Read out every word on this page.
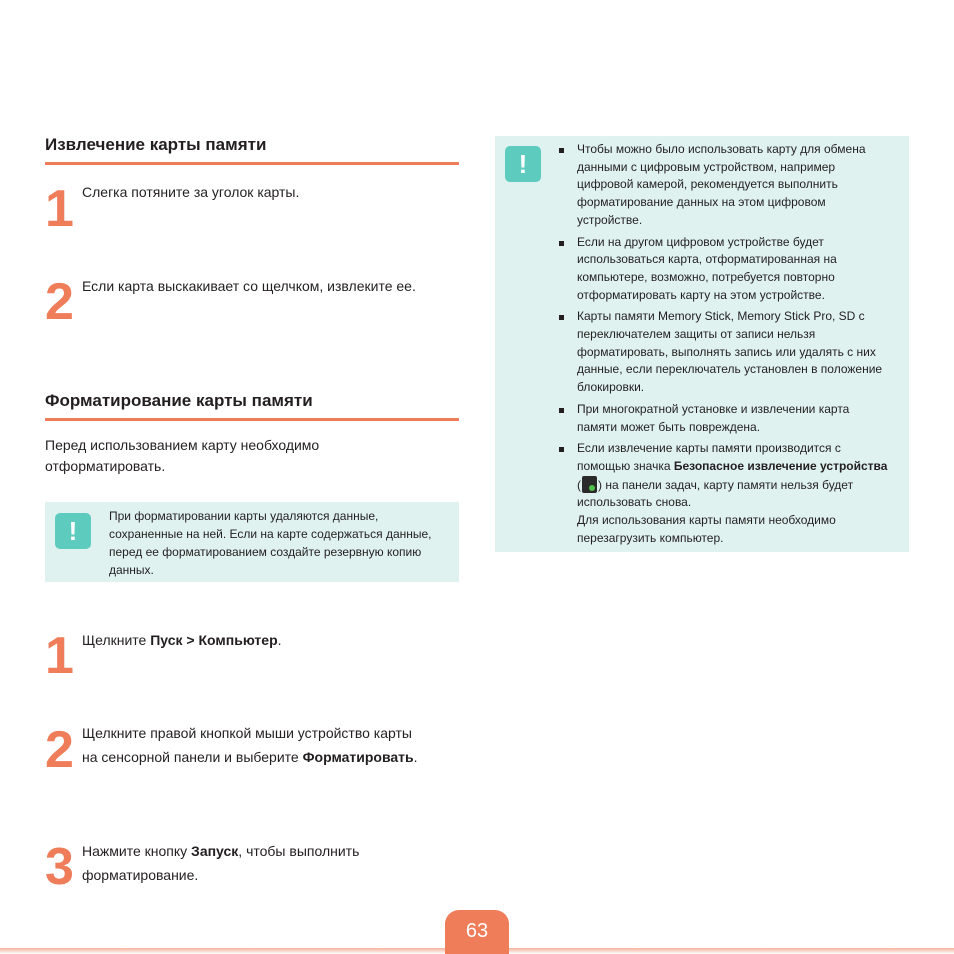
Извлечение карты памяти
1 Слегка потяните за уголок карты.
2 Если карта выскакивает со щелчком, извлеките ее.
Форматирование карты памяти
Перед использованием карту необходимо отформатировать.
!	При форматировании карты удаляются данные, сохраненные на ней. Если на карте содержаться данные, перед ее форматированием создайте резервную копию данных.
1 Щелкните Пуск > Компьютер.
2 Щелкните правой кнопкой мыши устройство карты на сенсорной панели и выберите Форматировать.
3 Нажмите кнопку Запуск, чтобы выполнить форматирование.
!	Чтобы можно было использовать карту для обмена данными с цифровым устройством, например цифровой камерой, рекомендуется выполнить форматирование данных на этом цифровом устройстве.
Если на другом цифровом устройстве будет использоваться карта, отформатированная на компьютере, возможно, потребуется повторно отформатировать карту на этом устройстве.
Карты памяти Memory Stick, Memory Stick Pro, SD с переключателем защиты от записи нельзя форматировать, выполнять запись или удалять с них данные, если переключатель установлен в положение блокировки.
При многократной установке и извлечении карта памяти может быть повреждена.
Если извлечение карты памяти производится с помощью значка Безопасное извлечение устройства ( ) на панели задач, карту памяти нельзя будет использовать снова.
Для использования карты памяти необходимо перезагрузить компьютер.
63
